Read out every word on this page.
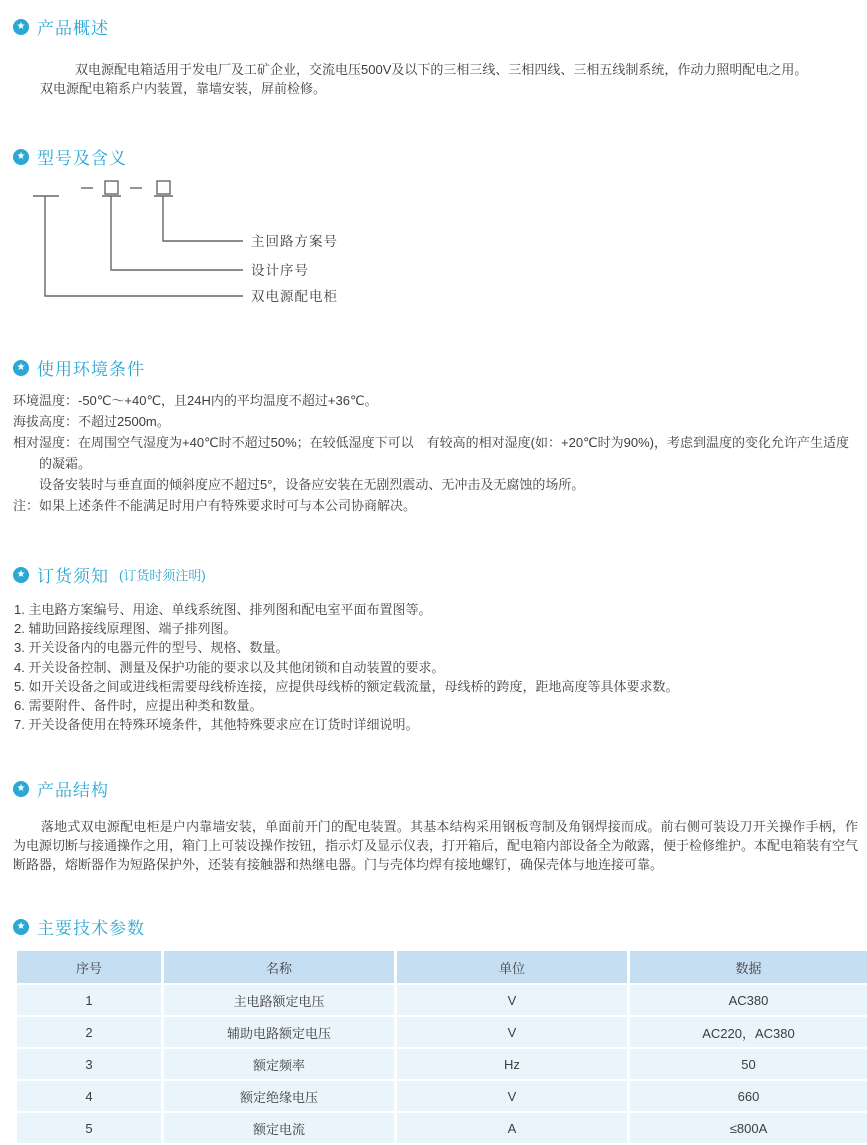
★ 产品概述
双电源配电箱适用于发电厂及工矿企业，交流电压500V及以下的三相三线、三相四线、三相五线制系统，作动力照明配电之用。
双电源配电箱系户内装置，靠墙安装，屏前检修。
★ 型号及含义
主回路方案号
设计序号
双电源配电柜
★ 使用环境条件
环境温度：-50℃～+40℃，且24H内的平均温度不超过+36℃。
海拔高度：不超过2500m。
相对湿度：在周围空气湿度为+40℃时不超过50%；在较低湿度下可以　有较高的相对湿度(如：+20℃时为90%)，考虑到温度的变化允许产生适度的凝霜。
设备安装时与垂直面的倾斜度应不超过5°，设备应安装在无剧烈震动、无冲击及无腐蚀的场所。
注：如果上述条件不能满足时用户有特殊要求时可与本公司协商解决。
★ 订货须知 (订货时须注明)
1. 主电路方案编号、用途、单线系统图、排列图和配电室平面布置图等。
2. 辅助回路接线原理图、端子排列图。
3. 开关设备内的电器元件的型号、规格、数量。
4. 开关设备控制、测量及保护功能的要求以及其他闭锁和自动装置的要求。
5. 如开关设备之间或进线柜需要母线桥连接，应提供母线桥的额定载流量，母线桥的跨度，距地高度等具体要求数。
6. 需要附件、备件时，应提出种类和数量。
7. 开关设备使用在特殊环境条件，其他特殊要求应在订货时详细说明。
★ 产品结构
落地式双电源配电柜是户内靠墙安装，单面前开门的配电装置。其基本结构采用钢板弯制及角钢焊接而成。前右侧可装设刀开关操作手柄，作为电源切断与接通操作之用，箱门上可装设操作按钮，指示灯及显示仪表，打开箱后，配电箱内部设备全为敞露，便于检修维护。本配电箱装有空气断路器，熔断器作为短路保护外，还装有接触器和热继电器。门与壳体均焊有接地螺钉，确保壳体与地连接可靠。
★ 主要技术参数
序号	名称	单位	数据
1	主电路额定电压	V	AC380
2	辅助电路额定电压	V	AC220，AC380
3	额定频率	Hz	50
4	额定绝缘电压	V	660
5	额定电流	A	≤800A
